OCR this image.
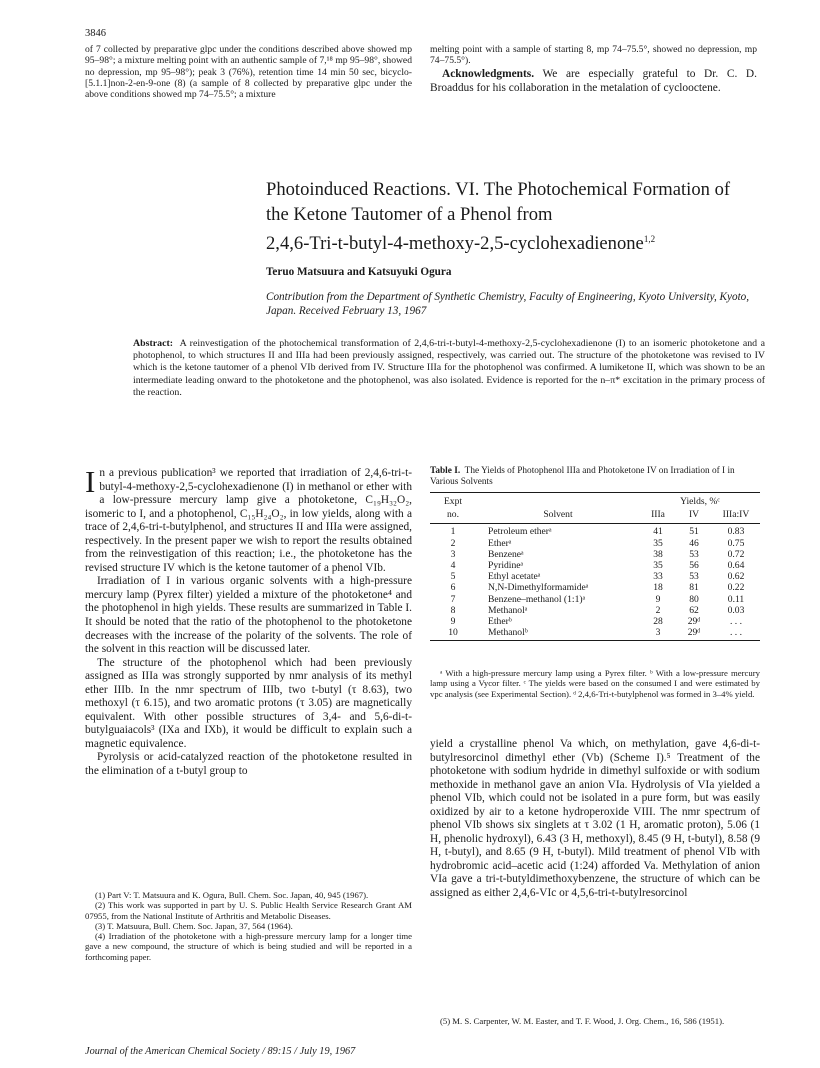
3846

of 7 collected by preparative glpc under the conditions described above showed mp 95–98°; a mixture melting point with an authentic sample of 7,¹⁸ mp 95–98°, showed no depression, mp 95–98°); peak 3 (76%), retention time 14 min 50 sec, bicyclo-[5.1.1]non-2-en-9-one (8) (a sample of 8 collected by preparative glpc under the above conditions showed mp 74–75.5°; a mixture

melting point with a sample of starting 8, mp 74–75.5°, showed no depression, mp 74–75.5°).

Acknowledgments. We are especially grateful to Dr. C. D. Broaddus for his collaboration in the metalation of cyclooctene.

Photoinduced Reactions. VI. The Photochemical Formation of
the Ketone Tautomer of a Phenol from
2,4,6-Tri-t-butyl-4-methoxy-2,5-cyclohexadienone$^{1,2}$
Teruo Matsuura and Katsuyuki Ogura
Contribution from the Department of Synthetic Chemistry, Faculty of Engineering, Kyoto University, Kyoto, Japan. Received February 13, 1967
Abstract: A reinvestigation of the photochemical transformation of 2,4,6-tri-t-butyl-4-methoxy-2,5-cyclohexadienone (I) to an isomeric photoketone and a photophenol, to which structures II and IIIa had been previously assigned, respectively, was carried out. The structure of the photoketone was revised to IV which is the ketone tautomer of a phenol VIb derived from IV. Structure IIIa for the photophenol was confirmed. A lumiketone II, which was shown to be an intermediate leading onward to the photoketone and the photophenol, was also isolated. Evidence is reported for the n–π* excitation in the primary process of the reaction.

In a previous publication³ we reported that irradiation of 2,4,6-tri-t-butyl-4-methoxy-2,5-cyclohexadienone (I) in methanol or ether with a low-pressure mercury lamp give a photoketone, C₁₉H₃₂O₂, isomeric to I, and a photophenol, C₁₅H₂₄O₂, in low yields, along with a trace of 2,4,6-tri-t-butylphenol, and structures II and IIIa were assigned, respectively. In the present paper we wish to report the results obtained from the reinvestigation of this reaction; i.e., the photoketone has the revised structure IV which is the ketone tautomer of a phenol VIb.

Irradiation of I in various organic solvents with a high-pressure mercury lamp (Pyrex filter) yielded a mixture of the photoketone⁴ and the photophenol in high yields. These results are summarized in Table I. It should be noted that the ratio of the photophenol to the photoketone decreases with the increase of the polarity of the solvents. The role of the solvent in this reaction will be discussed later.

The structure of the photophenol which had been previously assigned as IIIa was strongly supported by nmr analysis of its methyl ether IIIb. In the nmr spectrum of IIIb, two t-butyl (τ 8.63), two methoxyl (τ 6.15), and two aromatic protons (τ 3.05) are magnetically equivalent. With other possible structures of 3,4- and 5,6-di-t-butylguaiacols³ (IXa and IXb), it would be difficult to explain such a magnetic equivalence.

Pyrolysis or acid-catalyzed reaction of the photoketone resulted in the elimination of a t-butyl group to

(1) Part V: T. Matsuura and K. Ogura, Bull. Chem. Soc. Japan, 40, 945 (1967).

(2) This work was supported in part by U. S. Public Health Service Research Grant AM 07955, from the National Institute of Arthritis and Metabolic Diseases.

(3) T. Matsuura, Bull. Chem. Soc. Japan, 37, 564 (1964).

(4) Irradiation of the photoketone with a high-pressure mercury lamp for a longer time gave a new compound, the structure of which is being studied and will be reported in a forthcoming paper.

Table I. The Yields of Photophenol IIIa and Photoketone IV on Irradiation of I in Various Solvents
Expt		Yields, %ᶜ		
no.	Solvent	IIIa	IV	IIIa:IV
1	Petroleum etherᵃ	41	51	0.83
2	Etherᵃ	35	46	0.75
3	Benzeneᵃ	38	53	0.72
4	Pyridineᵃ	35	56	0.64
5	Ethyl acetateᵃ	33	53	0.62
6	N,N-Dimethylformamideᵃ	18	81	0.22
7	Benzene–methanol (1:1)ᵃ	9	80	0.11
8	Methanolᵃ	2	62	0.03
9	Etherᵇ	28	29ᵈ	. . .
10	Methanolᵇ	3	29ᵈ	. . .

ᵃ With a high-pressure mercury lamp using a Pyrex filter. ᵇ With a low-pressure mercury lamp using a Vycor filter. ᶜ The yields were based on the consumed I and were estimated by vpc analysis (see Experimental Section). ᵈ 2,4,6-Tri-t-butylphenol was formed in 3–4% yield.

yield a crystalline phenol Va which, on methylation, gave 4,6-di-t-butylresorcinol dimethyl ether (Vb) (Scheme I).⁵ Treatment of the photoketone with sodium hydride in dimethyl sulfoxide or with sodium methoxide in methanol gave an anion VIa. Hydrolysis of VIa yielded a phenol VIb, which could not be isolated in a pure form, but was easily oxidized by air to a ketone hydroperoxide VIII. The nmr spectrum of phenol VIb shows six singlets at τ 3.02 (1 H, aromatic proton), 5.06 (1 H, phenolic hydroxyl), 6.43 (3 H, methoxyl), 8.45 (9 H, t-butyl), 8.58 (9 H, t-butyl), and 8.65 (9 H, t-butyl). Mild treatment of phenol VIb with hydrobromic acid–acetic acid (1:24) afforded Va. Methylation of anion VIa gave a tri-t-butyldimethoxybenzene, the structure of which can be assigned as either 2,4,6-VIc or 4,5,6-tri-t-butylresorcinol

(5) M. S. Carpenter, W. M. Easter, and T. F. Wood, J. Org. Chem., 16, 586 (1951).

Journal of the American Chemical Society / 89:15 / July 19, 1967
